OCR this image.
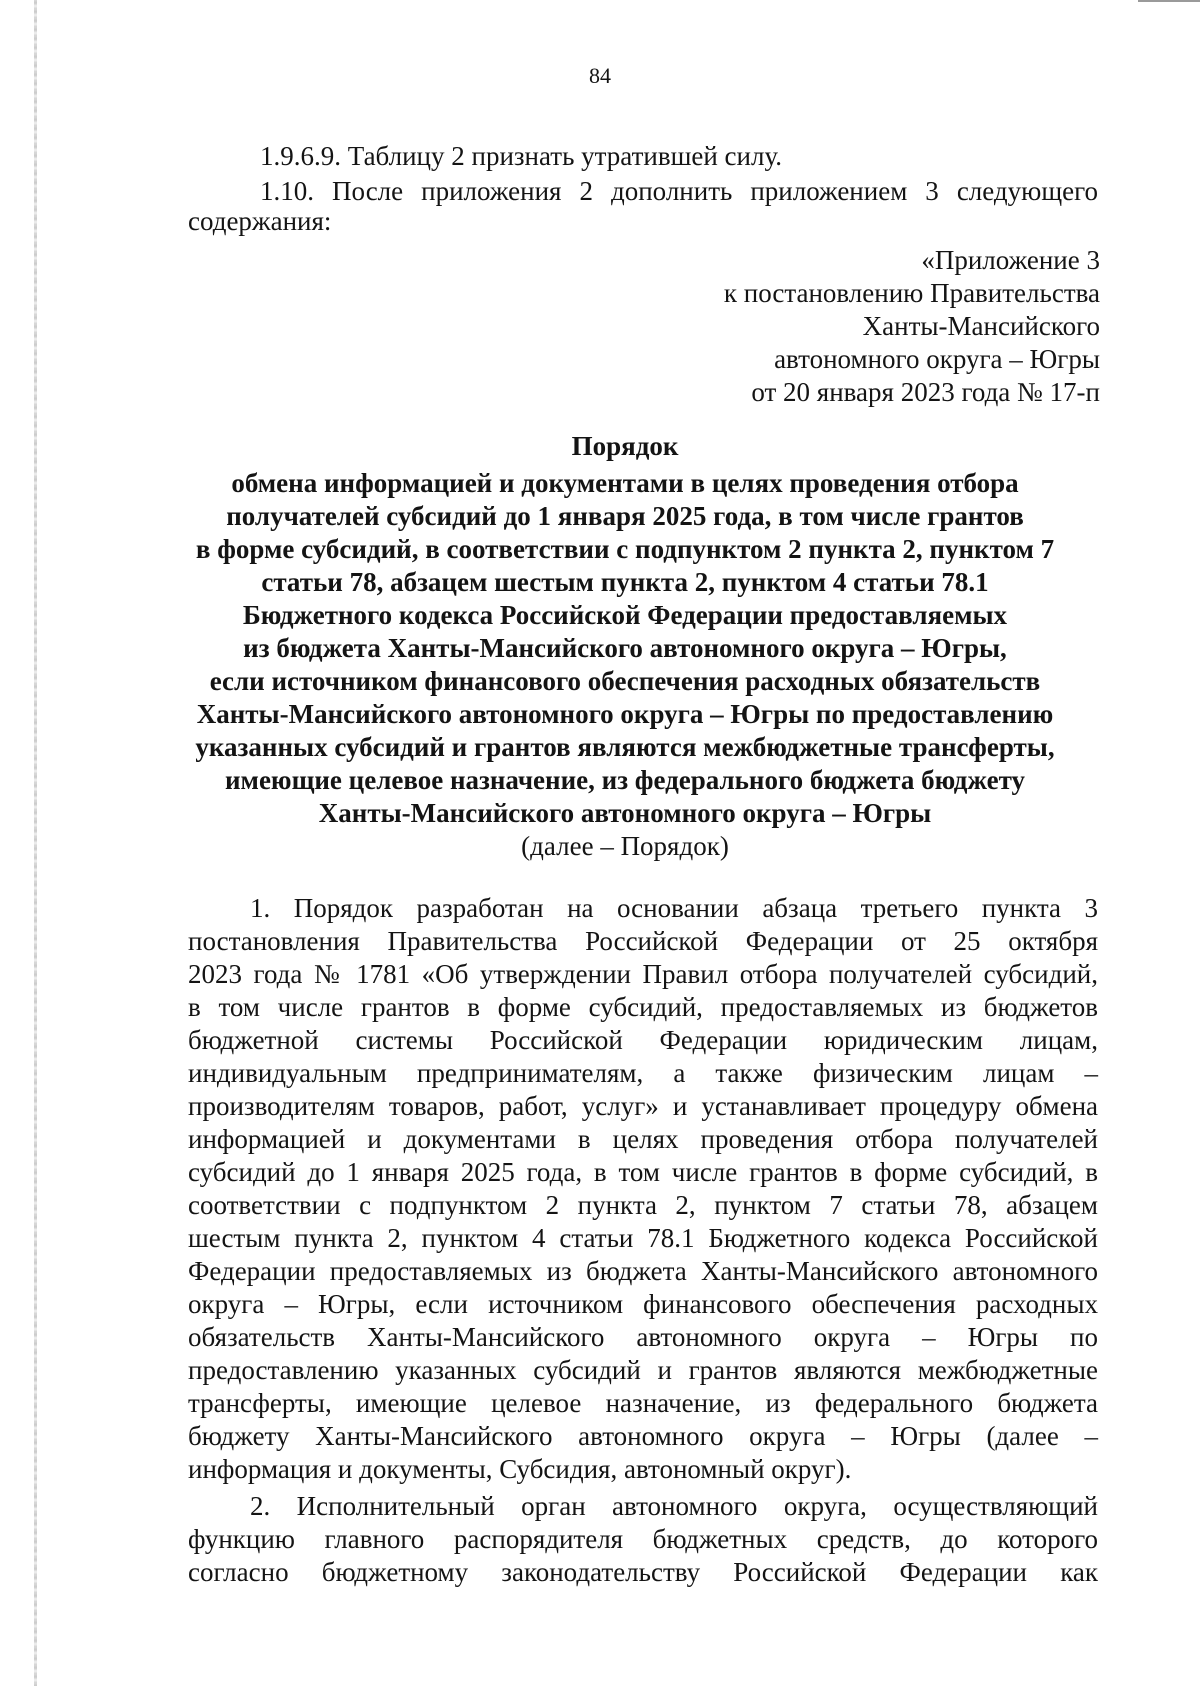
84
1.9.6.9. Таблицу 2 признать утратившей силу.
1.10. После приложения 2 дополнить приложением 3 следующего
содержания:
«Приложение 3
к постановлению Правительства
Ханты-Мансийского
автономного округа – Югры
от 20 января 2023 года № 17-п
Порядок
обмена информацией и документами в целях проведения отбора
получателей субсидий до 1 января 2025 года, в том числе грантов
в форме субсидий, в соответствии с подпунктом 2 пункта 2, пунктом 7
статьи 78, абзацем шестым пункта 2, пунктом 4 статьи 78.1
Бюджетного кодекса Российской Федерации предоставляемых
из бюджета Ханты-Мансийского автономного округа – Югры,
если источником финансового обеспечения расходных обязательств
Ханты-Мансийского автономного округа – Югры по предоставлению
указанных субсидий и грантов являются межбюджетные трансферты,
имеющие целевое назначение, из федерального бюджета бюджету
Ханты-Мансийского автономного округа – Югры
(далее – Порядок)
1. Порядок разработан на основании абзаца третьего пункта 3
постановления Правительства Российской Федерации от 25 октября
2023 года № 1781 «Об утверждении Правил отбора получателей субсидий,
в том числе грантов в форме субсидий, предоставляемых из бюджетов
бюджетной системы Российской Федерации юридическим лицам,
индивидуальным предпринимателям, а также физическим лицам –
производителям товаров, работ, услуг» и устанавливает процедуру обмена
информацией и документами в целях проведения отбора получателей
субсидий до 1 января 2025 года, в том числе грантов в форме субсидий, в
соответствии с подпунктом 2 пункта 2, пунктом 7 статьи 78, абзацем
шестым пункта 2, пунктом 4 статьи 78.1 Бюджетного кодекса Российской
Федерации предоставляемых из бюджета Ханты-Мансийского автономного
округа – Югры, если источником финансового обеспечения расходных
обязательств Ханты-Мансийского автономного округа – Югры по
предоставлению указанных субсидий и грантов являются межбюджетные
трансферты, имеющие целевое назначение, из федерального бюджета
бюджету Ханты-Мансийского автономного округа – Югры (далее –
информация и документы, Субсидия, автономный округ).
2. Исполнительный орган автономного округа, осуществляющий
функцию главного распорядителя бюджетных средств, до которого
согласно бюджетному законодательству Российской Федерации как
